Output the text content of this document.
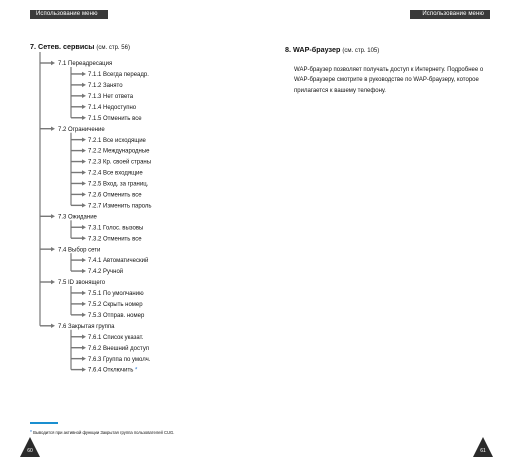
Использование меню	Использование меню
7. Сетев. сервисы (см. стр. 56)
7.1 Переадресация
7.1.1 Всегда переадр.
7.1.2 Занято
7.1.3 Нет ответа
7.1.4 Недоступно
7.1.5 Отменить все
7.2 Ограничение
7.2.1 Все исходящие
7.2.2 Международные
7.2.3 Кр. своей страны
7.2.4 Все входящие
7.2.5 Вход. за границ.
7.2.6 Отменить все
7.2.7 Изменить пароль
7.3 Ожидание
7.3.1 Голос. вызовы
7.3.2 Отменить все
7.4 Выбор сети
7.4.1 Автоматический
7.4.2 Ручной
7.5 ID звонящего
7.5.1 По умолчанию
7.5.2 Скрыть номер
7.5.3 Отправ. номер
7.6 Закрытая группа
7.6.1 Список указат.
7.6.2 Внешний доступ
7.6.3 Группа по умолч.
7.6.4 Отключить *
8. WAP-браузер (см. стр. 105)
WAP-браузер позволяет получать доступ к Интернету. Подробнее о WAP-браузере смотрите в руководстве по WAP-браузеру, которое прилагается к вашему телефону.
* Выводится при активной функции Закрытая группа пользователей CUG.
60	61
